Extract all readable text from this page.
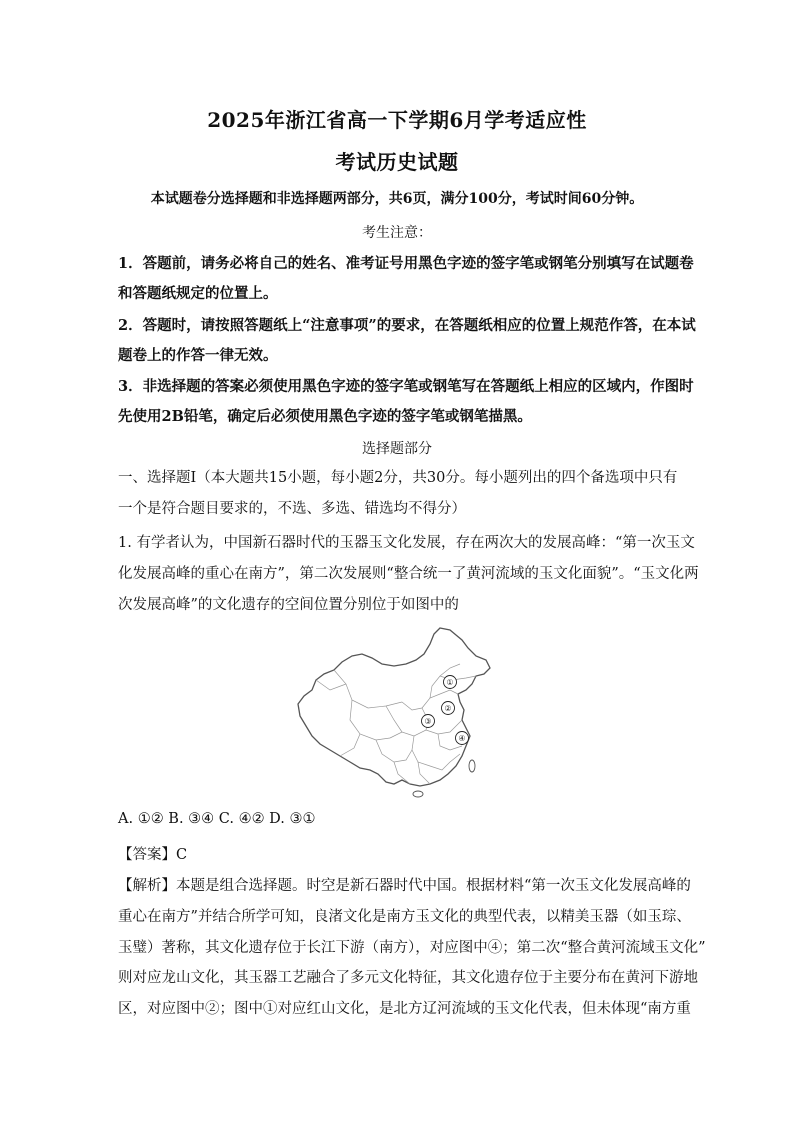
2025年浙江省高一下学期6月学考适应性
考试历史试题
本试题卷分选择题和非选择题两部分，共6页，满分100分，考试时间60分钟。
考生注意：
1．答题前，请务必将自己的姓名、准考证号用黑色字迹的签字笔或钢笔分别填写在试题卷
和答题纸规定的位置上。
2．答题时，请按照答题纸上“注意事项”的要求，在答题纸相应的位置上规范作答，在本试
题卷上的作答一律无效。
3．非选择题的答案必须使用黑色字迹的签字笔或钢笔写在答题纸上相应的区域内，作图时
先使用2B铅笔，确定后必须使用黑色字迹的签字笔或钢笔描黑。
选择题部分
一、选择题Ⅰ（本大题共15小题，每小题2分，共30分。每小题列出的四个备选项中只有
一个是符合题目要求的，不选、多选、错选均不得分）
1. 有学者认为，中国新石器时代的玉器玉文化发展，存在两次大的发展高峰：“第一次玉文
化发展高峰的重心在南方”，第二次发展则“整合统一了黄河流域的玉文化面貌”。“玉文化两
次发展高峰”的文化遗存的空间位置分别位于如图中的
①
②
③
④
A. ①② B. ③④ C. ④② D. ③①
【答案】C
【解析】本题是组合选择题。时空是新石器时代中国。根据材料“第一次玉文化发展高峰的
重心在南方”并结合所学可知，良渚文化是南方玉文化的典型代表，以精美玉器（如玉琮、
玉璧）著称，其文化遗存位于长江下游（南方），对应图中④；第二次“整合黄河流域玉文化”
则对应龙山文化，其玉器工艺融合了多元文化特征，其文化遗存位于主要分布在黄河下游地
区，对应图中②；图中①对应红山文化，是北方辽河流域的玉文化代表，但未体现“南方重
